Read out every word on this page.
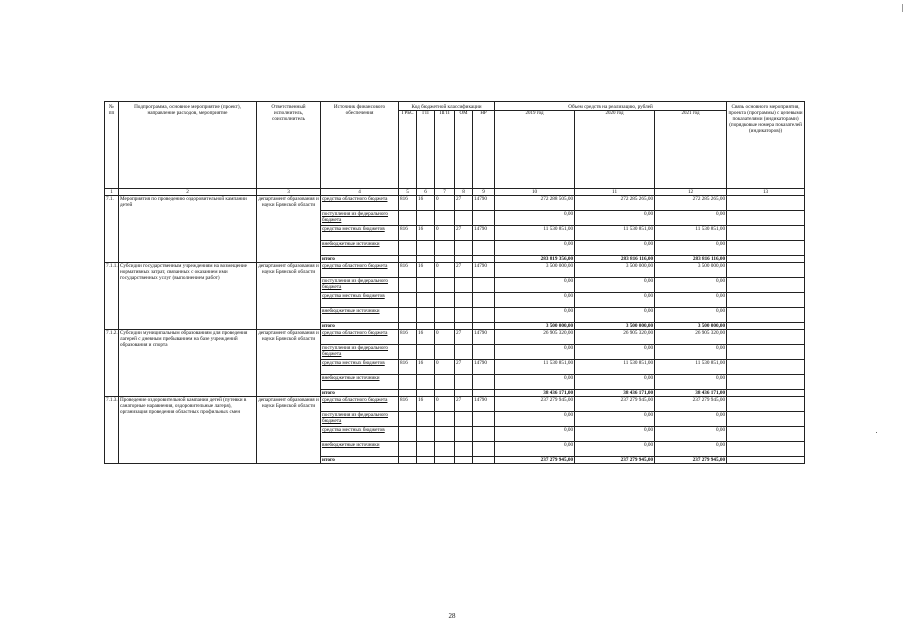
№ пп	Подпрограмма, основное мероприятие (проект), направление расходов, мероприятие	Ответственный исполнитель, соисполнитель	Источник финансового обеспечения	Код бюджетной классификации					Объем средств на реализацию, рублей			Связь основного мероприятия, проекта (программы) с целевыми показателями (индикаторами) (порядковые номера показателей (индикаторов))
				ГРБС	ГП	ПГП	ОМ	НР	2019 год	2020 год	2021 год	
1	2	3	4	5	6	7	8	9	10	11	12	13
7.1.	Мероприятия по проведению оздоровительной кампании детей	департамент образования и науки Брянской области	средства областного бюджета	816	16	0	27	14790	272 288 505,00	272 285 265,00	272 285 265,00	
			поступления из федерального бюджета						0,00	0,00	0,00	
			средства местных бюджетов	816	16	0	27	14790	11 530 851,00	11 530 851,00	11 530 851,00	
			внебюджетные источники						0,00	0,00	0,00	
			итого						283 819 356,00	283 816 116,00	283 816 116,00	
7.1.1.	Субсидии государственным учреждениям на возмещение нормативных затрат, связанных с оказанием ими государственных услуг (выполнением работ)	департамент образования и науки Брянской области	средства областного бюджета	816	16	0	27	14790	3 500 000,00	3 500 000,00	3 500 000,00	
			поступления из федерального бюджета						0,00	0,00	0,00	
			средства местных бюджетов						0,00	0,00	0,00	
			внебюджетные источники						0,00	0,00	0,00	
			итого						3 500 000,00	3 500 000,00	3 500 000,00	
7.1.2.	Субсидии муниципальным образованиям для проведения лагерей с дневным пребыванием на базе учреждений образования и спорта	департамент образования и науки Брянской области	средства областного бюджета	816	16	0	27	14790	26 905 320,00	26 905 320,00	26 905 320,00	
			поступления из федерального бюджета						0,00	0,00	0,00	
			средства местных бюджетов	816	16	0	27	14790	11 530 851,00	11 530 851,00	11 530 851,00	
			внебюджетные источники						0,00	0,00	0,00	
			итого						38 436 171,00	38 436 171,00	38 436 171,00	
7.1.3.	Проведение оздоровительной кампании детей (путевки в санаторные наравнения, оздоровительные лагеря), организация проведения областных профильных смен	департамент образования и науки Брянской области	средства областного бюджета	816	16	0	27	14790	237 279 945,00	237 279 945,00	237 279 945,00	
			поступления из федерального бюджета						0,00	0,00	0,00	
			средства местных бюджетов						0,00	0,00	0,00	
			внебюджетные источники						0,00	0,00	0,00	
			итого						237 279 945,00	237 279 945,00	237 279 945,00	
28
